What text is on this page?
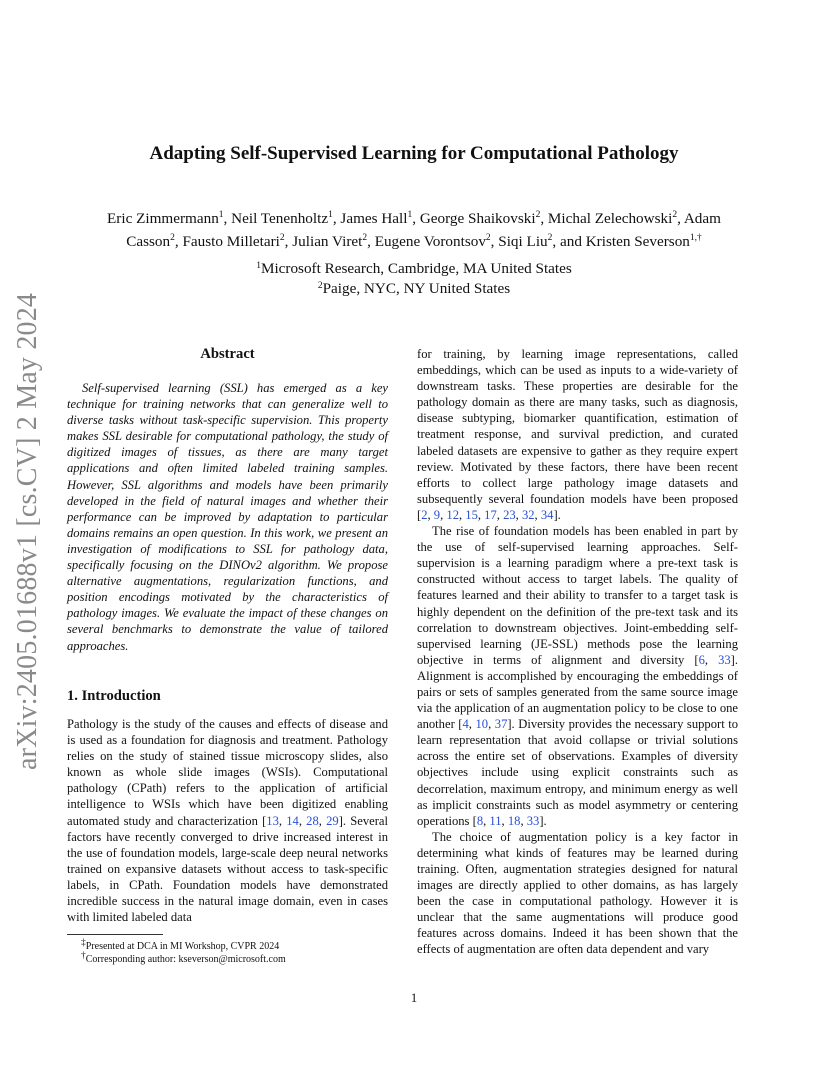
arXiv:2405.01688v1 [cs.CV] 2 May 2024
Adapting Self-Supervised Learning for Computational Pathology
Eric Zimmermann$^1$, Neil Tenenholtz$^1$, James Hall$^1$, George Shaikovski$^2$, Michal Zelechowski$^2$, Adam
Casson$^2$, Fausto Milletari$^2$, Julian Viret$^2$, Eugene Vorontsov$^2$, Siqi Liu$^2$, and Kristen Severson$^{1,\dagger}$
$^1$Microsoft Research, Cambridge, MA United States
$^2$Paige, NYC, NY United States
Abstract

Self-supervised learning (SSL) has emerged as a key technique for training networks that can generalize well to diverse tasks without task-specific supervision. This property makes SSL desirable for computational pathology, the study of digitized images of tissues, as there are many target applications and often limited labeled training samples. However, SSL algorithms and models have been primarily developed in the field of natural images and whether their performance can be improved by adaptation to particular domains remains an open question. In this work, we present an investigation of modifications to SSL for pathology data, specifically focusing on the DINOv2 algorithm. We propose alternative augmentations, regularization functions, and position encodings motivated by the characteristics of pathology images. We evaluate the impact of these changes on several benchmarks to demonstrate the value of tailored approaches.

1. Introduction

Pathology is the study of the causes and effects of disease and is used as a foundation for diagnosis and treatment. Pathology relies on the study of stained tissue microscopy slides, also known as whole slide images (WSIs). Computational pathology (CPath) refers to the application of artificial intelligence to WSIs which have been digitized enabling automated study and characterization [13, 14, 28, 29]. Several factors have recently converged to drive increased interest in the use of foundation models, large-scale deep neural networks trained on expansive datasets without access to task-specific labels, in CPath. Foundation models have demonstrated incredible success in the natural image domain, even in cases with limited labeled data

for training, by learning image representations, called embeddings, which can be used as inputs to a wide-variety of downstream tasks. These properties are desirable for the pathology domain as there are many tasks, such as diagnosis, disease subtyping, biomarker quantification, estimation of treatment response, and survival prediction, and curated labeled datasets are expensive to gather as they require expert review. Motivated by these factors, there have been recent efforts to collect large pathology image datasets and subsequently several foundation models have been proposed [2, 9, 12, 15, 17, 23, 32, 34].

The rise of foundation models has been enabled in part by the use of self-supervised learning approaches. Self-supervision is a learning paradigm where a pre-text task is constructed without access to target labels. The quality of features learned and their ability to transfer to a target task is highly dependent on the definition of the pre-text task and its correlation to downstream objectives. Joint-embedding self-supervised learning (JE-SSL) methods pose the learning objective in terms of alignment and diversity [6, 33]. Alignment is accomplished by encouraging the embeddings of pairs or sets of samples generated from the same source image via the application of an augmentation policy to be close to one another [4, 10, 37]. Diversity provides the necessary support to learn representation that avoid collapse or trivial solutions across the entire set of observations. Examples of diversity objectives include using explicit constraints such as decorrelation, maximum entropy, and minimum energy as well as implicit constraints such as model asymmetry or centering operations [8, 11, 18, 33].

The choice of augmentation policy is a key factor in determining what kinds of features may be learned during training. Often, augmentation strategies designed for natural images are directly applied to other domains, as has largely been the case in computational pathology. However it is unclear that the same augmentations will produce good features across domains. Indeed it has been shown that the effects of augmentation are often data dependent and vary

‡Presented at DCA in MI Workshop, CVPR 2024
†Corresponding author: kseverson@microsoft.com
1
